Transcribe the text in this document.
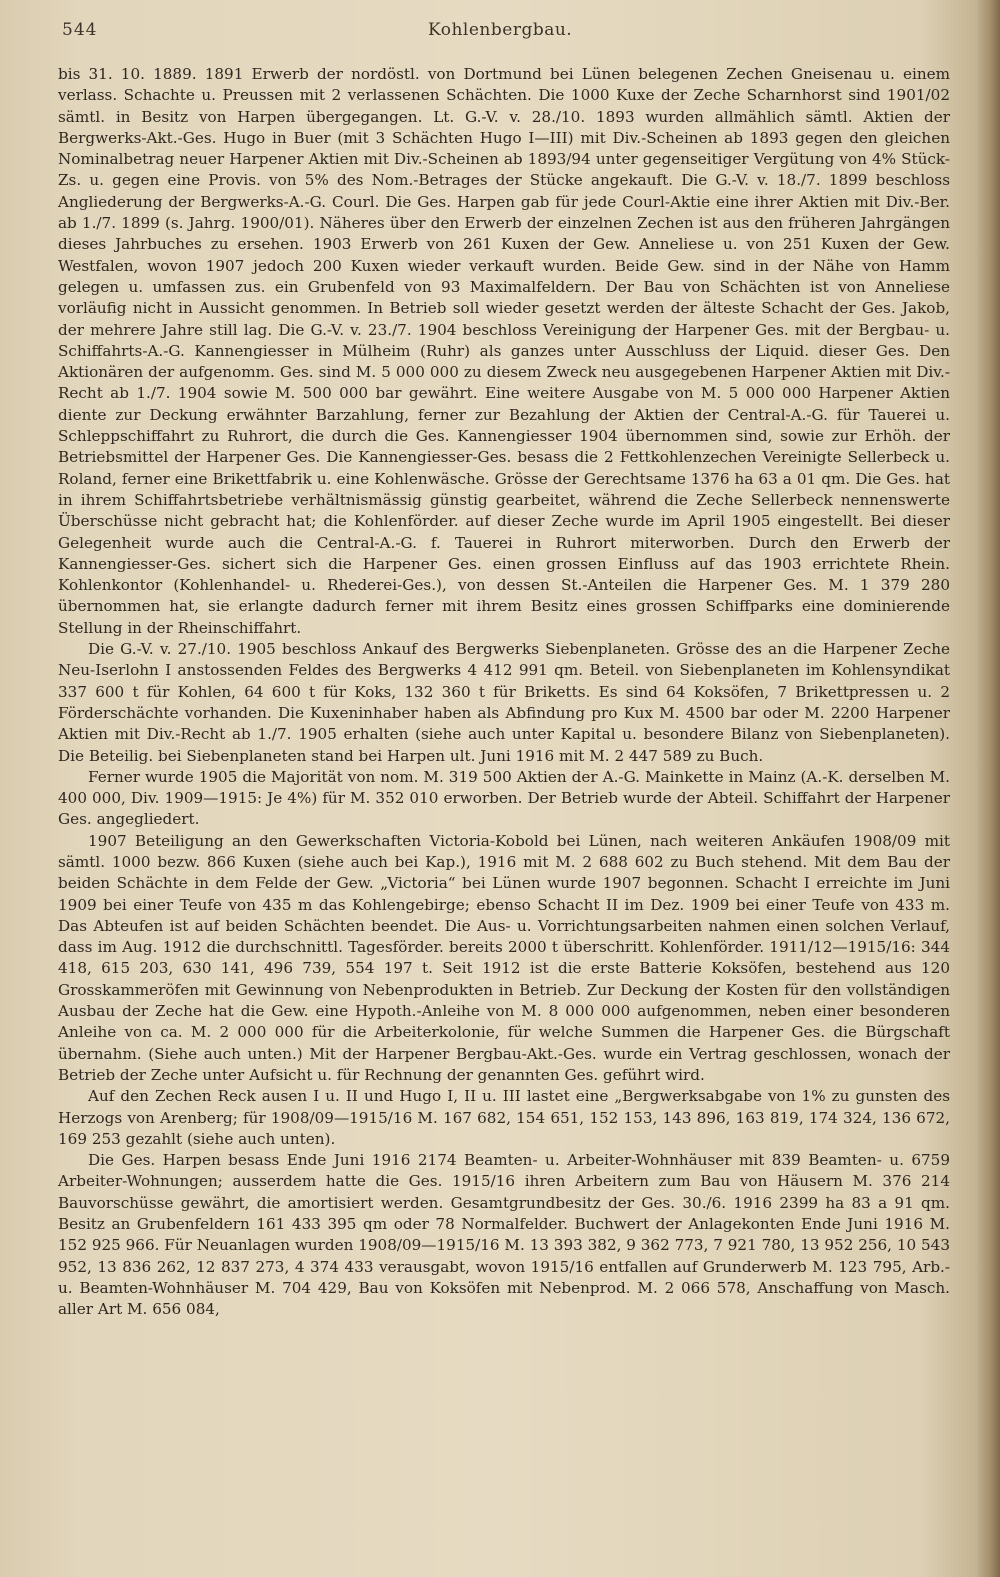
544	Kohlenbergbau.

bis 31. 10. 1889. 1891 Erwerb der nordöstl. von Dortmund bei Lünen belegenen Zechen Gneisenau u. einem verlass. Schachte u. Preussen mit 2 verlassenen Schächten. Die 1000 Kuxe der Zeche Scharnhorst sind 1901/02 sämtl. in Besitz von Harpen übergegangen. Lt. G.-V. v. 28./10. 1893 wurden allmählich sämtl. Aktien der Bergwerks-Akt.-Ges. Hugo in Buer (mit 3 Schächten Hugo I—III) mit Div.-Scheinen ab 1893 gegen den gleichen Nominalbetrag neuer Harpener Aktien mit Div.-Scheinen ab 1893/94 unter gegenseitiger Vergütung von 4% Stück-Zs. u. gegen eine Provis. von 5% des Nom.-Betrages der Stücke angekauft. Die G.-V. v. 18./7. 1899 beschloss Angliederung der Bergwerks-A.-G. Courl. Die Ges. Harpen gab für jede Courl-Aktie eine ihrer Aktien mit Div.-Ber. ab 1./7. 1899 (s. Jahrg. 1900/01). Näheres über den Erwerb der einzelnen Zechen ist aus den früheren Jahrgängen dieses Jahrbuches zu ersehen. 1903 Erwerb von 261 Kuxen der Gew. Anneliese u. von 251 Kuxen der Gew. Westfalen, wovon 1907 jedoch 200 Kuxen wieder verkauft wurden. Beide Gew. sind in der Nähe von Hamm gelegen u. umfassen zus. ein Grubenfeld von 93 Maximalfeldern. Der Bau von Schächten ist von Anneliese vorläufig nicht in Aussicht genommen. In Betrieb soll wieder gesetzt werden der älteste Schacht der Ges. Jakob, der mehrere Jahre still lag. Die G.-V. v. 23./7. 1904 beschloss Vereinigung der Harpener Ges. mit der Bergbau- u. Schiffahrts-A.-G. Kannengiesser in Mülheim (Ruhr) als ganzes unter Ausschluss der Liquid. dieser Ges. Den Aktionären der aufgenomm. Ges. sind M. 5 000 000 zu diesem Zweck neu ausgegebenen Harpener Aktien mit Div.-Recht ab 1./7. 1904 sowie M. 500 000 bar gewährt. Eine weitere Ausgabe von M. 5 000 000 Harpener Aktien diente zur Deckung erwähnter Barzahlung, ferner zur Bezahlung der Aktien der Central-A.-G. für Tauerei u. Schleppschiffahrt zu Ruhrort, die durch die Ges. Kannengiesser 1904 übernommen sind, sowie zur Erhöh. der Betriebsmittel der Harpener Ges. Die Kannengiesser-Ges. besass die 2 Fettkohlenzechen Vereinigte Sellerbeck u. Roland, ferner eine Brikettfabrik u. eine Kohlenwäsche. Grösse der Gerechtsame 1376 ha 63 a 01 qm. Die Ges. hat in ihrem Schiffahrtsbetriebe verhältnismässig günstig gearbeitet, während die Zeche Sellerbeck nennenswerte Überschüsse nicht gebracht hat; die Kohlenförder. auf dieser Zeche wurde im April 1905 eingestellt. Bei dieser Gelegenheit wurde auch die Central-A.-G. f. Tauerei in Ruhrort miterworben. Durch den Erwerb der Kannengiesser-Ges. sichert sich die Harpener Ges. einen grossen Einfluss auf das 1903 errichtete Rhein. Kohlenkontor (Kohlenhandel- u. Rhederei-Ges.), von dessen St.-Anteilen die Harpener Ges. M. 1 379 280 übernommen hat, sie erlangte dadurch ferner mit ihrem Besitz eines grossen Schiffparks eine dominierende Stellung in der Rheinschiffahrt.

Die G.-V. v. 27./10. 1905 beschloss Ankauf des Bergwerks Siebenplaneten. Grösse des an die Harpener Zeche Neu-Iserlohn I anstossenden Feldes des Bergwerks 4 412 991 qm. Beteil. von Siebenplaneten im Kohlensyndikat 337 600 t für Kohlen, 64 600 t für Koks, 132 360 t für Briketts. Es sind 64 Koksöfen, 7 Brikettpressen u. 2 Förderschächte vorhanden. Die Kuxeninhaber haben als Abfindung pro Kux M. 4500 bar oder M. 2200 Harpener Aktien mit Div.-Recht ab 1./7. 1905 erhalten (siehe auch unter Kapital u. besondere Bilanz von Siebenplaneten). Die Beteilig. bei Siebenplaneten stand bei Harpen ult. Juni 1916 mit M. 2 447 589 zu Buch.

Ferner wurde 1905 die Majorität von nom. M. 319 500 Aktien der A.-G. Mainkette in Mainz (A.-K. derselben M. 400 000, Div. 1909—1915: Je 4%) für M. 352 010 erworben. Der Betrieb wurde der Abteil. Schiffahrt der Harpener Ges. angegliedert.

1907 Beteiligung an den Gewerkschaften Victoria-Kobold bei Lünen, nach weiteren Ankäufen 1908/09 mit sämtl. 1000 bezw. 866 Kuxen (siehe auch bei Kap.), 1916 mit M. 2 688 602 zu Buch stehend. Mit dem Bau der beiden Schächte in dem Felde der Gew. „Victoria“ bei Lünen wurde 1907 begonnen. Schacht I erreichte im Juni 1909 bei einer Teufe von 435 m das Kohlengebirge; ebenso Schacht II im Dez. 1909 bei einer Teufe von 433 m. Das Abteufen ist auf beiden Schächten beendet. Die Aus- u. Vorrichtungsarbeiten nahmen einen solchen Verlauf, dass im Aug. 1912 die durchschnittl. Tagesförder. bereits 2000 t überschritt. Kohlenförder. 1911/12—1915/16: 344 418, 615 203, 630 141, 496 739, 554 197 t. Seit 1912 ist die erste Batterie Koksöfen, bestehend aus 120 Grosskammeröfen mit Gewinnung von Nebenprodukten in Betrieb. Zur Deckung der Kosten für den vollständigen Ausbau der Zeche hat die Gew. eine Hypoth.-Anleihe von M. 8 000 000 aufgenommen, neben einer besonderen Anleihe von ca. M. 2 000 000 für die Arbeiterkolonie, für welche Summen die Harpener Ges. die Bürgschaft übernahm. (Siehe auch unten.) Mit der Harpener Bergbau-Akt.-Ges. wurde ein Vertrag geschlossen, wonach der Betrieb der Zeche unter Aufsicht u. für Rechnung der genannten Ges. geführt wird.

Auf den Zechen Reck ausen I u. II und Hugo I, II u. III lastet eine „Bergwerksabgabe von 1% zu gunsten des Herzogs von Arenberg; für 1908/09—1915/16 M. 167 682, 154 651, 152 153, 143 896, 163 819, 174 324, 136 672, 169 253 gezahlt (siehe auch unten).

Die Ges. Harpen besass Ende Juni 1916 2174 Beamten- u. Arbeiter-Wohnhäuser mit 839 Beamten- u. 6759 Arbeiter-Wohnungen; ausserdem hatte die Ges. 1915/16 ihren Arbeitern zum Bau von Häusern M. 376 214 Bauvorschüsse gewährt, die amortisiert werden. Gesamtgrundbesitz der Ges. 30./6. 1916 2399 ha 83 a 91 qm. Besitz an Grubenfeldern 161 433 395 qm oder 78 Normalfelder. Buchwert der Anlagekonten Ende Juni 1916 M. 152 925 966. Für Neuanlagen wurden 1908/09—1915/16 M. 13 393 382, 9 362 773, 7 921 780, 13 952 256, 10 543 952, 13 836 262, 12 837 273, 4 374 433 verausgabt, wovon 1915/16 entfallen auf Grunderwerb M. 123 795, Arb.- u. Beamten-Wohnhäuser M. 704 429, Bau von Koksöfen mit Nebenprod. M. 2 066 578, Anschaffung von Masch. aller Art M. 656 084,
